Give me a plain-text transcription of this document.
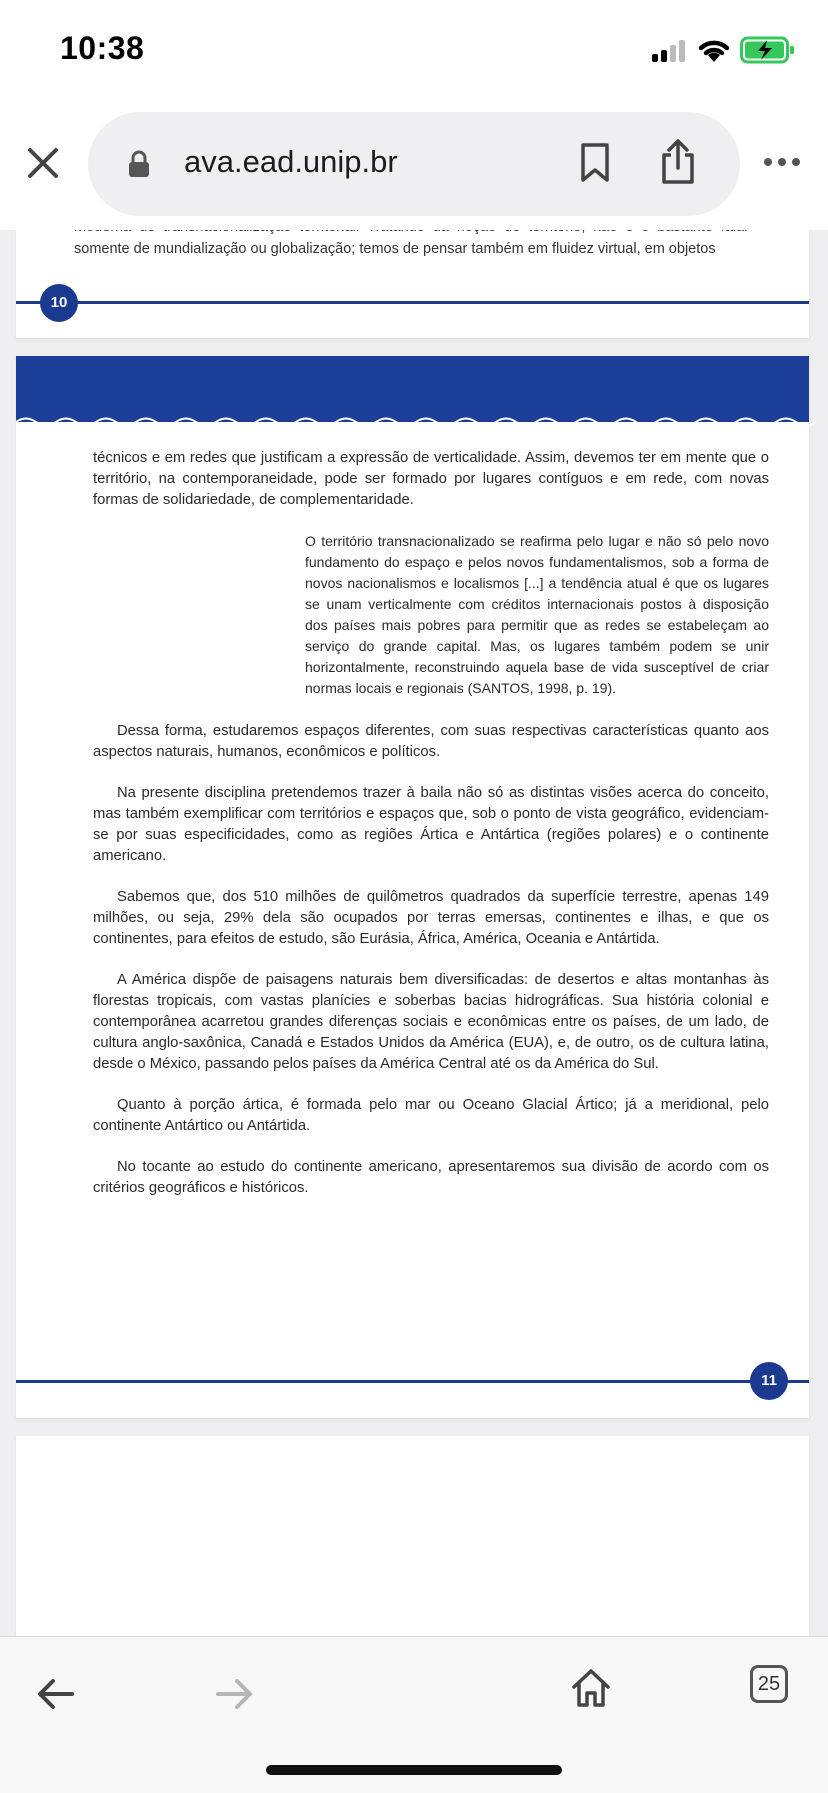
10:38
ava.ead.unip.br
somente de mundialização ou globalização; temos de pensar também em fluidez virtual, em objetos
10

técnicos e em redes que justificam a expressão de verticalidade. Assim, devemos ter em mente que o território, na contemporaneidade, pode ser formado por lugares contíguos e em rede, com novas formas de solidariedade, de complementaridade.

O território transnacionalizado se reafirma pelo lugar e não só pelo novo fundamento do espaço e pelos novos fundamentalismos, sob a forma de novos nacionalismos e localismos [...] a tendência atual é que os lugares se unam verticalmente com créditos internacionais postos à disposição dos países mais pobres para permitir que as redes se estabeleçam ao serviço do grande capital. Mas, os lugares também podem se unir horizontalmente, reconstruindo aquela base de vida susceptível de criar normas locais e regionais (SANTOS, 1998, p. 19).

Dessa forma, estudaremos espaços diferentes, com suas respectivas características quanto aos aspectos naturais, humanos, econômicos e políticos.

Na presente disciplina pretendemos trazer à baila não só as distintas visões acerca do conceito, mas também exemplificar com territórios e espaços que, sob o ponto de vista geográfico, evidenciam-se por suas especificidades, como as regiões Ártica e Antártica (regiões polares) e o continente americano.

Sabemos que, dos 510 milhões de quilômetros quadrados da superfície terrestre, apenas 149 milhões, ou seja, 29% dela são ocupados por terras emersas, continentes e ilhas, e que os continentes, para efeitos de estudo, são Eurásia, África, América, Oceania e Antártida.

A América dispõe de paisagens naturais bem diversificadas: de desertos e altas montanhas às florestas tropicais, com vastas planícies e soberbas bacias hidrográficas. Sua história colonial e contemporânea acarretou grandes diferenças sociais e econômicas entre os países, de um lado, de cultura anglo-saxônica, Canadá e Estados Unidos da América (EUA), e, de outro, os de cultura latina, desde o México, passando pelos países da América Central até os da América do Sul.

Quanto à porção ártica, é formada pelo mar ou Oceano Glacial Ártico; já a meridional, pelo continente Antártico ou Antártida.

No tocante ao estudo do continente americano, apresentaremos sua divisão de acordo com os critérios geográficos e históricos.

11
25
